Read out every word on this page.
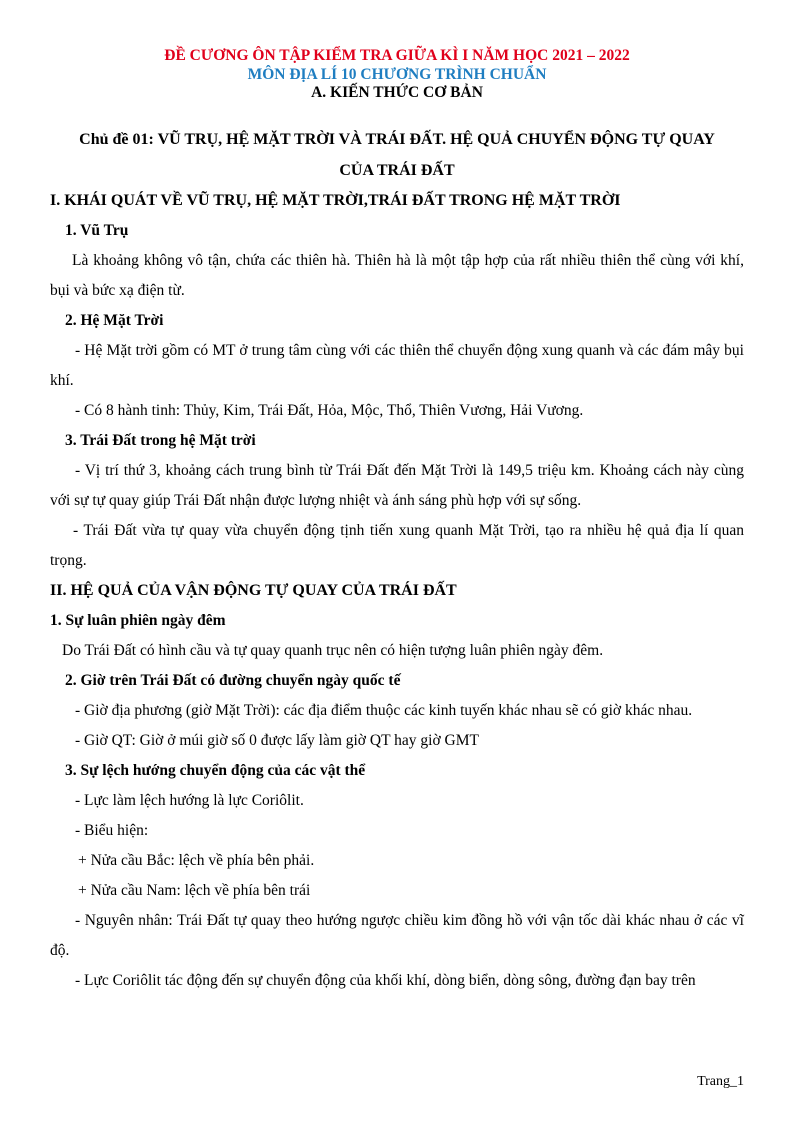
ĐỀ CƯƠNG ÔN TẬP KIỂM TRA GIỮA KÌ I NĂM HỌC 2021 – 2022

MÔN ĐỊA LÍ 10 CHƯƠNG TRÌNH CHUẨN

A. KIẾN THỨC CƠ BẢN

Chủ đề 01: VŨ TRỤ, HỆ MẶT TRỜI VÀ TRÁI ĐẤT. HỆ QUẢ CHUYỂN ĐỘNG TỰ QUAY
CỦA TRÁI ĐẤT

I. KHÁI QUÁT VỀ VŨ TRỤ, HỆ MẶT TRỜI,TRÁI ĐẤT TRONG HỆ MẶT TRỜI

1. Vũ Trụ

Là khoảng không vô tận, chứa các thiên hà. Thiên hà là một tập hợp của rất nhiều thiên thể cùng với khí, bụi và bức xạ điện từ.

2. Hệ Mặt Trời

- Hệ Mặt trời gồm có MT ở trung tâm cùng với các thiên thể chuyển động xung quanh và các đám mây bụi khí.

- Có 8 hành tinh: Thủy, Kim, Trái Đất, Hỏa, Mộc, Thổ, Thiên Vương, Hải Vương.

3. Trái Đất trong hệ Mặt trời

- Vị trí thứ 3, khoảng cách trung bình từ Trái Đất đến Mặt Trời là 149,5 triệu km. Khoảng cách này cùng với sự tự quay giúp Trái Đất nhận được lượng nhiệt và ánh sáng phù hợp với sự sống.

- Trái Đất vừa tự quay vừa chuyển động tịnh tiến xung quanh Mặt Trời, tạo ra nhiều hệ quả địa lí quan trọng.

II. HỆ QUẢ CỦA VẬN ĐỘNG TỰ QUAY CỦA TRÁI ĐẤT

1. Sự luân phiên ngày đêm

Do Trái Đất có hình cầu và tự quay quanh trục nên có hiện tượng luân phiên ngày đêm.

2. Giờ trên Trái Đất có đường chuyển ngày quốc tế

- Giờ địa phương (giờ Mặt Trời): các địa điểm thuộc các kinh tuyến khác nhau sẽ có giờ khác nhau.

- Giờ QT: Giờ ở múi giờ số 0 được lấy làm giờ QT hay giờ GMT

3. Sự lệch hướng chuyển động của các vật thể

- Lực làm lệch hướng là lực Coriôlit.

- Biểu hiện:

+ Nửa cầu Bắc: lệch về phía bên phải.

+ Nửa cầu Nam: lệch về phía bên trái

- Nguyên nhân: Trái Đất tự quay theo hướng ngược chiều kim đồng hồ với vận tốc dài khác nhau ở các vĩ độ.

- Lực Coriôlit tác động đến sự chuyển động của khối khí, dòng biển, dòng sông, đường đạn bay trên

Trang_1
